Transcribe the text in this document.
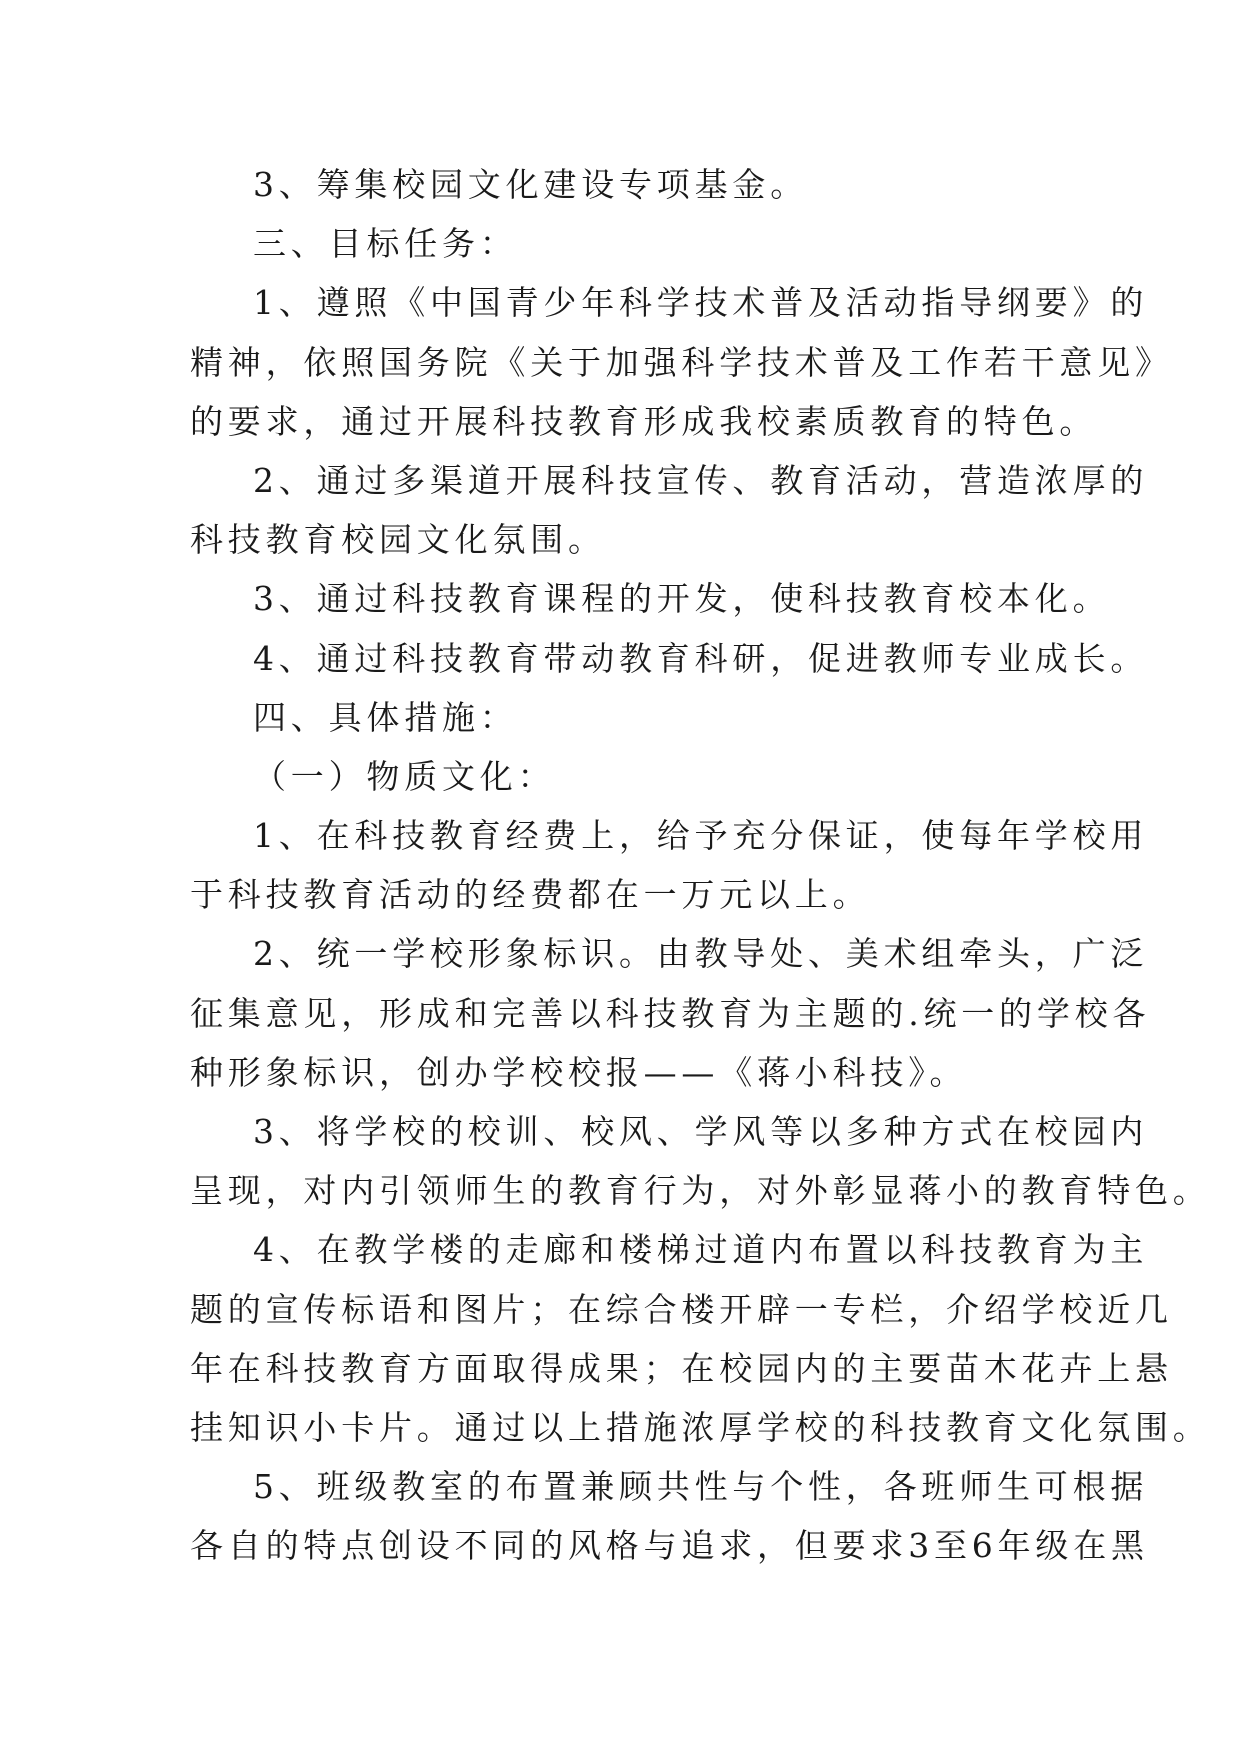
3、筹集校园文化建设专项基金。
三、目标任务：
1、遵照《中国青少年科学技术普及活动指导纲要》的
精神，依照国务院《关于加强科学技术普及工作若干意见》
的要求，通过开展科技教育形成我校素质教育的特色。
2、通过多渠道开展科技宣传、教育活动，营造浓厚的
科技教育校园文化氛围。
3、通过科技教育课程的开发，使科技教育校本化。
4、通过科技教育带动教育科研，促进教师专业成长。
四、具体措施：
（一）物质文化：
1、在科技教育经费上，给予充分保证，使每年学校用
于科技教育活动的经费都在一万元以上。
2、统一学校形象标识。由教导处、美术组牵头，广泛
征集意见，形成和完善以科技教育为主题的.统一的学校各
种形象标识，创办学校校报——《蒋小科技》。
3、将学校的校训、校风、学风等以多种方式在校园内
呈现，对内引领师生的教育行为，对外彰显蒋小的教育特色。
4、在教学楼的走廊和楼梯过道内布置以科技教育为主
题的宣传标语和图片；在综合楼开辟一专栏，介绍学校近几
年在科技教育方面取得成果；在校园内的主要苗木花卉上悬
挂知识小卡片。通过以上措施浓厚学校的科技教育文化氛围。
5、班级教室的布置兼顾共性与个性，各班师生可根据
各自的特点创设不同的风格与追求，但要求3至6年级在黑
